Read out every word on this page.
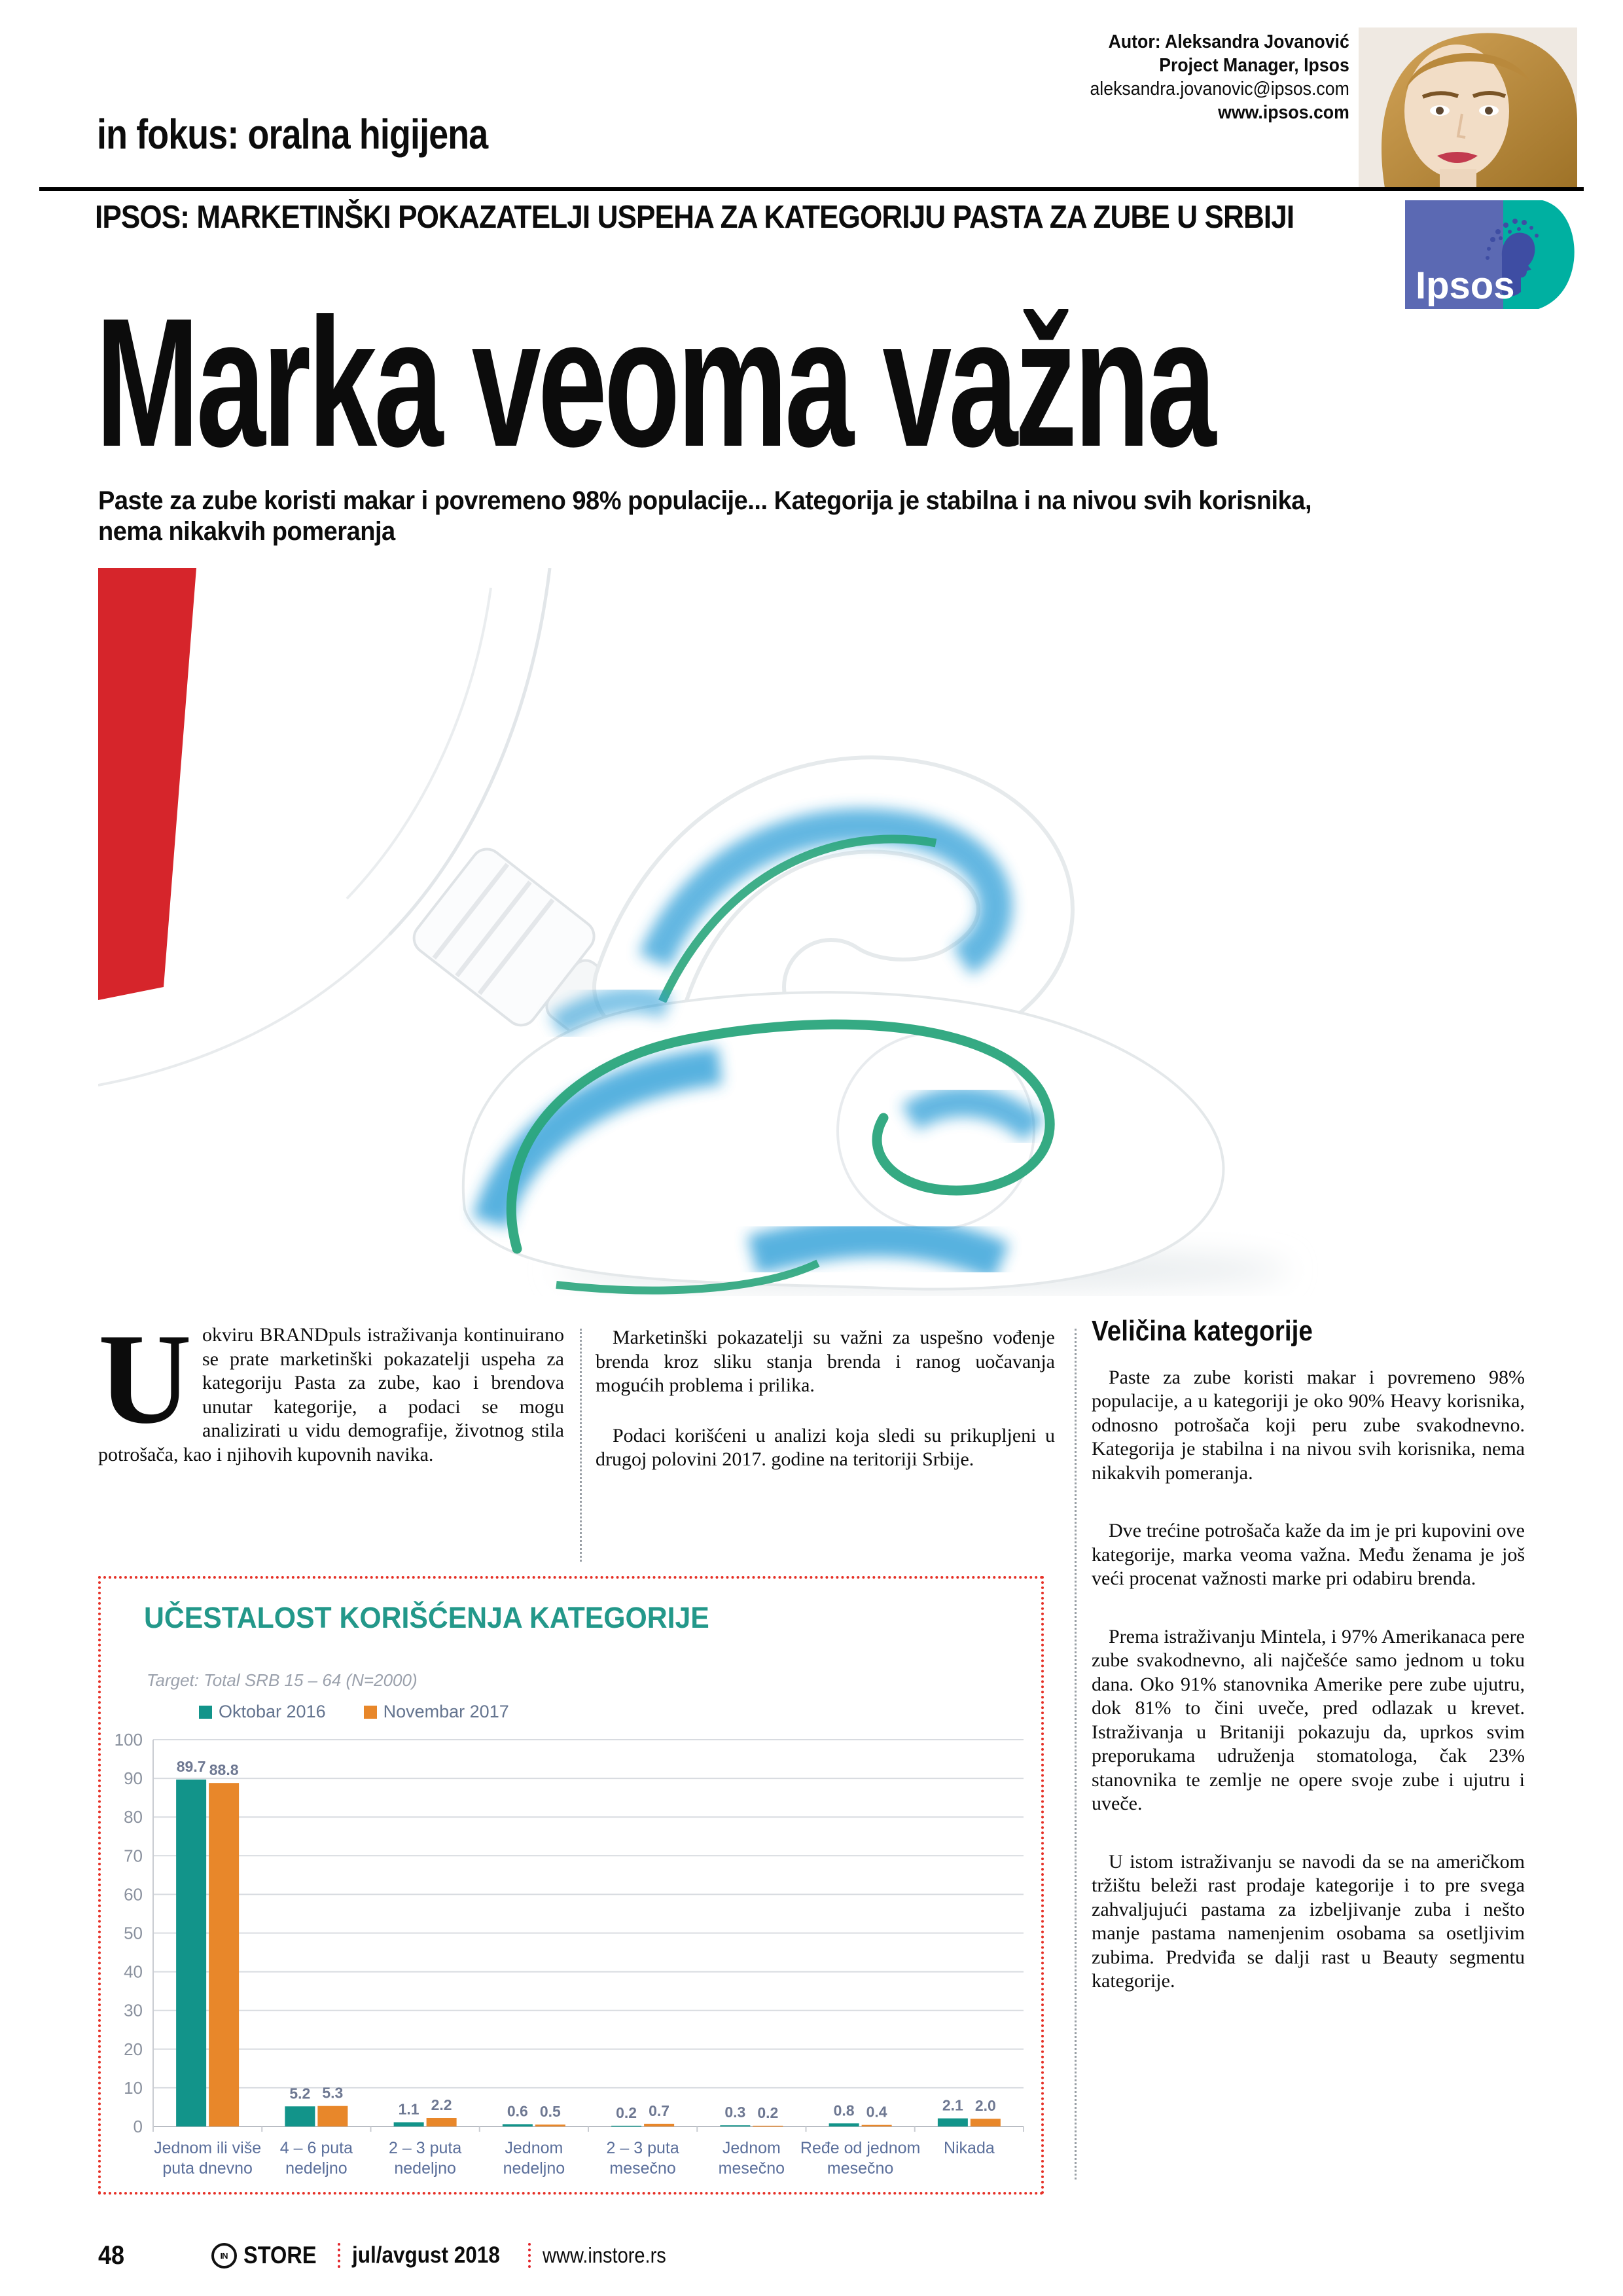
in fokus: oralna higijena
Autor: Aleksandra Jovanović
Project Manager, Ipsos
aleksandra.jovanovic@ipsos.com
www.ipsos.com
IPSOS: MARKETINŠKI POKAZATELJI USPEHA ZA KATEGORIJU PASTA ZA ZUBE U SRBIJI
Ipsos
Marka veoma važna
Paste za zube koristi makar i povremeno 98% populacije... Kategorija je stabilna i na nivou svih korisnika, nema nikakvih pomeranja

U okviru BRANDpuls istraživanja kontinuirano se prate marketinški pokazatelji uspeha za kategoriju Pasta za zube, kao i brendova unutar kategorije, a podaci se mogu analizirati u vidu demografije, životnog stila potrošača, kao i njihovih kupovnih navika.

Marketinški pokazatelji su važni za uspešno vođenje brenda kroz sliku stanja brenda i ranog uočavanja mogućih problema i prilika.

Podaci korišćeni u analizi koja sledi su prikupljeni u drugoj polovini 2017. godine na teritoriji Srbije.

Veličina kategorije

Paste za zube koristi makar i povremeno 98% populacije, a u kategoriji je oko 90% Heavy korisnika, odnosno potrošača koji peru zube svakodnevno. Kategorija je stabilna i na nivou svih korisnika, nema nikakvih pomeranja.

Dve trećine potrošača kaže da im je pri kupovini ove kategorije, marka veoma važna. Među ženama je još veći procenat važnosti marke pri odabiru brenda.

Prema istraživanju Mintela, i 97% Amerikanaca pere zube svakodnevno, ali najčešće samo jednom u toku dana. Oko 91% stanovnika Amerike pere zube ujutru, dok 81% to čini uveče, pred odlazak u krevet. Istraživanja u Britaniji pokazuju da, uprkos svim preporukama udruženja stomatologa, čak 23% stanovnika te zemlje ne opere svoje zube i ujutru i uveče.

U istom istraživanju se navodi da se na američkom tržištu beleži rast prodaje kategorije i to pre svega zahvaljujući pastama za izbeljivanje zuba i nešto manje pastama namenjenim osobama sa osetljivim zubima. Predviđa se dalji rast u Beauty segmentu kategorije.

UČESTALOST KORIŠĆENJA KATEGORIJE
Target: Total SRB 15 – 64 (N=2000)
Oktobar 2016	Novembar 2017
0
10
20
30
40
50
60
70
80
90
100
89.7
5.2
1.1	0.6	0.2	0.3	0.8	2.1
88.8
5.3
2.2	0.5	0.7	0.2	0.4	2.0
Jednom ili više
puta dnevno
4 – 6 puta
nedeljno
2 – 3 puta
nedeljno
Jednom
nedeljno
2 – 3 puta
mesečno
Jednom
mesečno
Ređe od jednom
mesečno
Nikada
48	IN STORE jul/avgust 2018 www.instore.rs
